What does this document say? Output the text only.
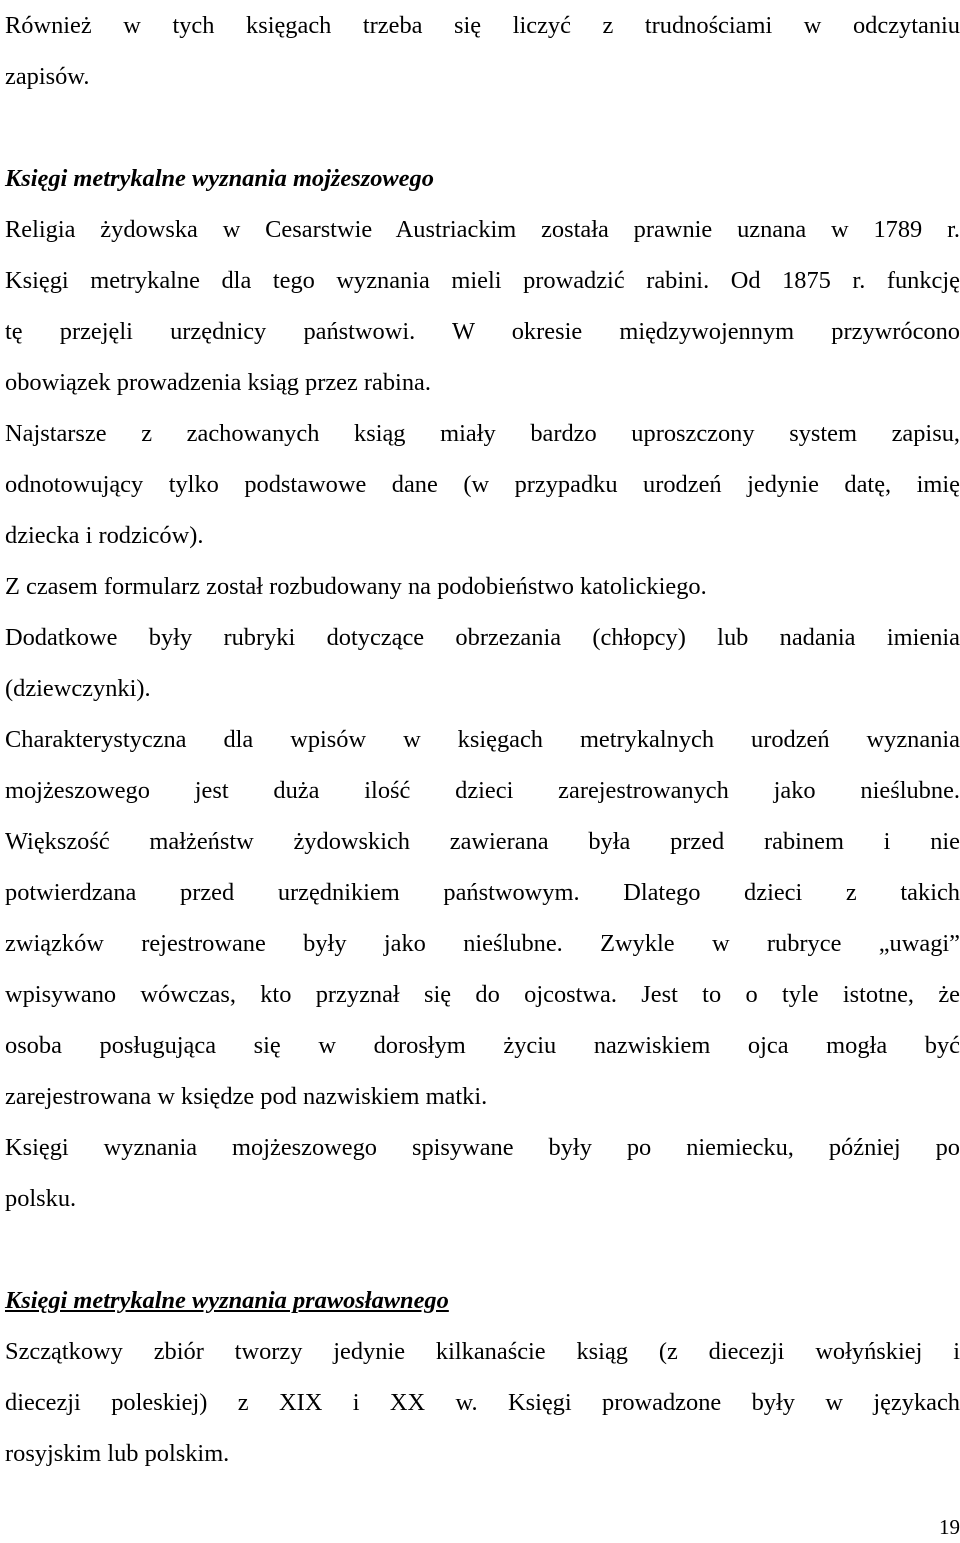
Również w tych księgach trzeba się liczyć z trudnościami w odczytaniu
zapisów.
Księgi metrykalne wyznania mojżeszowego
Religia żydowska w Cesarstwie Austriackim została prawnie uznana w 1789 r.
Księgi metrykalne dla tego wyznania mieli prowadzić rabini. Od 1875 r. funkcję
tę przejęli urzędnicy państwowi. W okresie międzywojennym przywrócono
obowiązek prowadzenia ksiąg przez rabina.
Najstarsze z zachowanych ksiąg miały bardzo uproszczony system zapisu,
odnotowujący tylko podstawowe dane (w przypadku urodzeń jedynie datę, imię
dziecka i rodziców).
Z czasem formularz został rozbudowany na podobieństwo katolickiego.
Dodatkowe były rubryki dotyczące obrzezania (chłopcy) lub nadania imienia
(dziewczynki).
Charakterystyczna dla wpisów w księgach metrykalnych urodzeń wyznania
mojżeszowego jest duża ilość dzieci zarejestrowanych jako nieślubne.
Większość małżeństw żydowskich zawierana była przed rabinem i nie
potwierdzana przed urzędnikiem państwowym. Dlatego dzieci z takich
związków rejestrowane były jako nieślubne. Zwykle w rubryce „uwagi”
wpisywano wówczas, kto przyznał się do ojcostwa. Jest to o tyle istotne, że
osoba posługująca się w dorosłym życiu nazwiskiem ojca mogła być
zarejestrowana w księdze pod nazwiskiem matki.
Księgi wyznania mojżeszowego spisywane były po niemiecku, później po
polsku.
Księgi metrykalne wyznania prawosławnego
Szczątkowy zbiór tworzy jedynie kilkanaście ksiąg (z diecezji wołyńskiej i
diecezji poleskiej) z XIX i XX w. Księgi prowadzone były w językach
rosyjskim lub polskim.
19
